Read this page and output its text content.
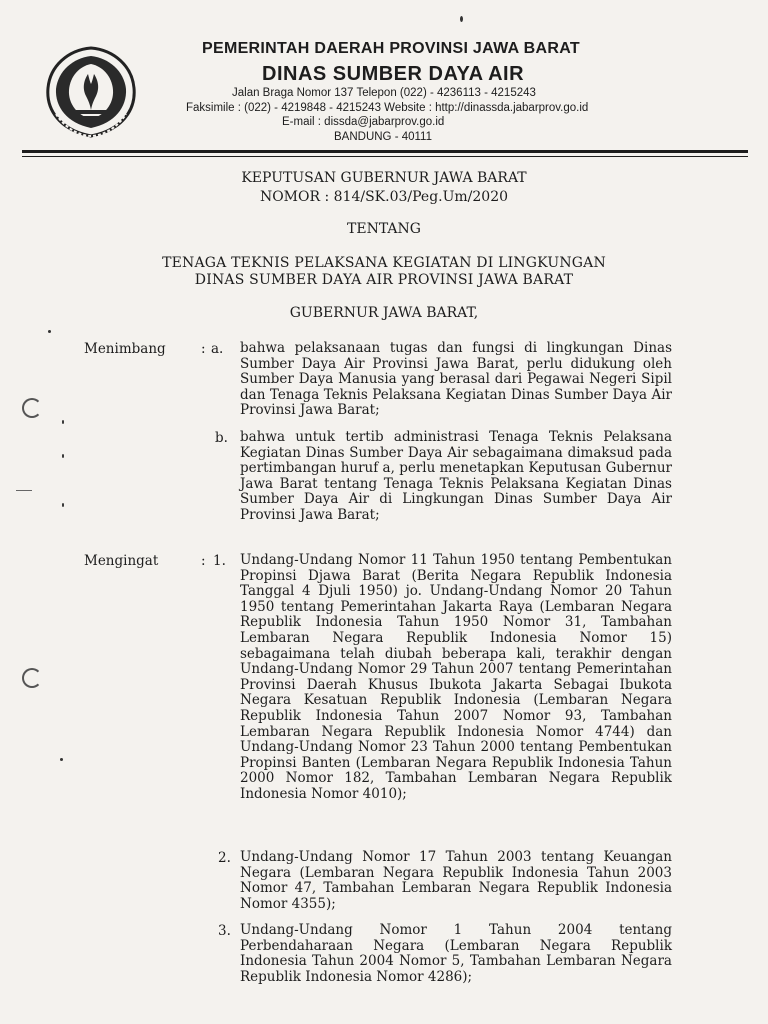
PEMERINTAH DAERAH PROVINSI JAWA BARAT
DINAS SUMBER DAYA AIR
Jalan Braga Nomor 137 Telepon (022) - 4236113 - 4215243
Faksimile : (022) - 4219848 - 4215243 Website : http://dinassda.jabarprov.go.id
E-mail : dissda@jabarprov.go.id
BANDUNG - 40111
KEPUTUSAN GUBERNUR JAWA BARAT
NOMOR : 814/SK.03/Peg.Um/2020
TENTANG
TENAGA TEKNIS PELAKSANA KEGIATAN DI LINGKUNGAN
DINAS SUMBER DAYA AIR PROVINSI JAWA BARAT
GUBERNUR JAWA BARAT,
Menimbang	: a. bahwa pelaksanaan tugas dan fungsi di lingkungan Dinas Sumber Daya Air Provinsi Jawa Barat, perlu didukung oleh Sumber Daya Manusia yang berasal dari Pegawai Negeri Sipil dan Tenaga Teknis Pelaksana Kegiatan Dinas Sumber Daya Air Provinsi Jawa Barat;
b. bahwa untuk tertib administrasi Tenaga Teknis Pelaksana Kegiatan Dinas Sumber Daya Air sebagaimana dimaksud pada pertimbangan huruf a, perlu menetapkan Keputusan Gubernur Jawa Barat tentang Tenaga Teknis Pelaksana Kegiatan Dinas Sumber Daya Air di Lingkungan Dinas Sumber Daya Air Provinsi Jawa Barat;
Mengingat	: 1. Undang-Undang Nomor 11 Tahun 1950 tentang Pembentukan Propinsi Djawa Barat (Berita Negara Republik Indonesia Tanggal 4 Djuli 1950) jo. Undang-Undang Nomor 20 Tahun 1950 tentang Pemerintahan Jakarta Raya (Lembaran Negara Republik Indonesia Tahun 1950 Nomor 31, Tambahan Lembaran Negara Republik Indonesia Nomor 15) sebagaimana telah diubah beberapa kali, terakhir dengan Undang-Undang Nomor 29 Tahun 2007 tentang Pemerintahan Provinsi Daerah Khusus Ibukota Jakarta Sebagai Ibukota Negara Kesatuan Republik Indonesia (Lembaran Negara Republik Indonesia Tahun 2007 Nomor 93, Tambahan Lembaran Negara Republik Indonesia Nomor 4744) dan Undang-Undang Nomor 23 Tahun 2000 tentang Pembentukan Propinsi Banten (Lembaran Negara Republik Indonesia Tahun 2000 Nomor 182, Tambahan Lembaran Negara Republik Indonesia Nomor 4010);
2. Undang-Undang Nomor 17 Tahun 2003 tentang Keuangan Negara (Lembaran Negara Republik Indonesia Tahun 2003 Nomor 47, Tambahan Lembaran Negara Republik Indonesia Nomor 4355);
3. Undang-Undang Nomor 1 Tahun 2004 tentang Perbendaharaan Negara (Lembaran Negara Republik Indonesia Tahun 2004 Nomor 5, Tambahan Lembaran Negara Republik Indonesia Nomor 4286);
